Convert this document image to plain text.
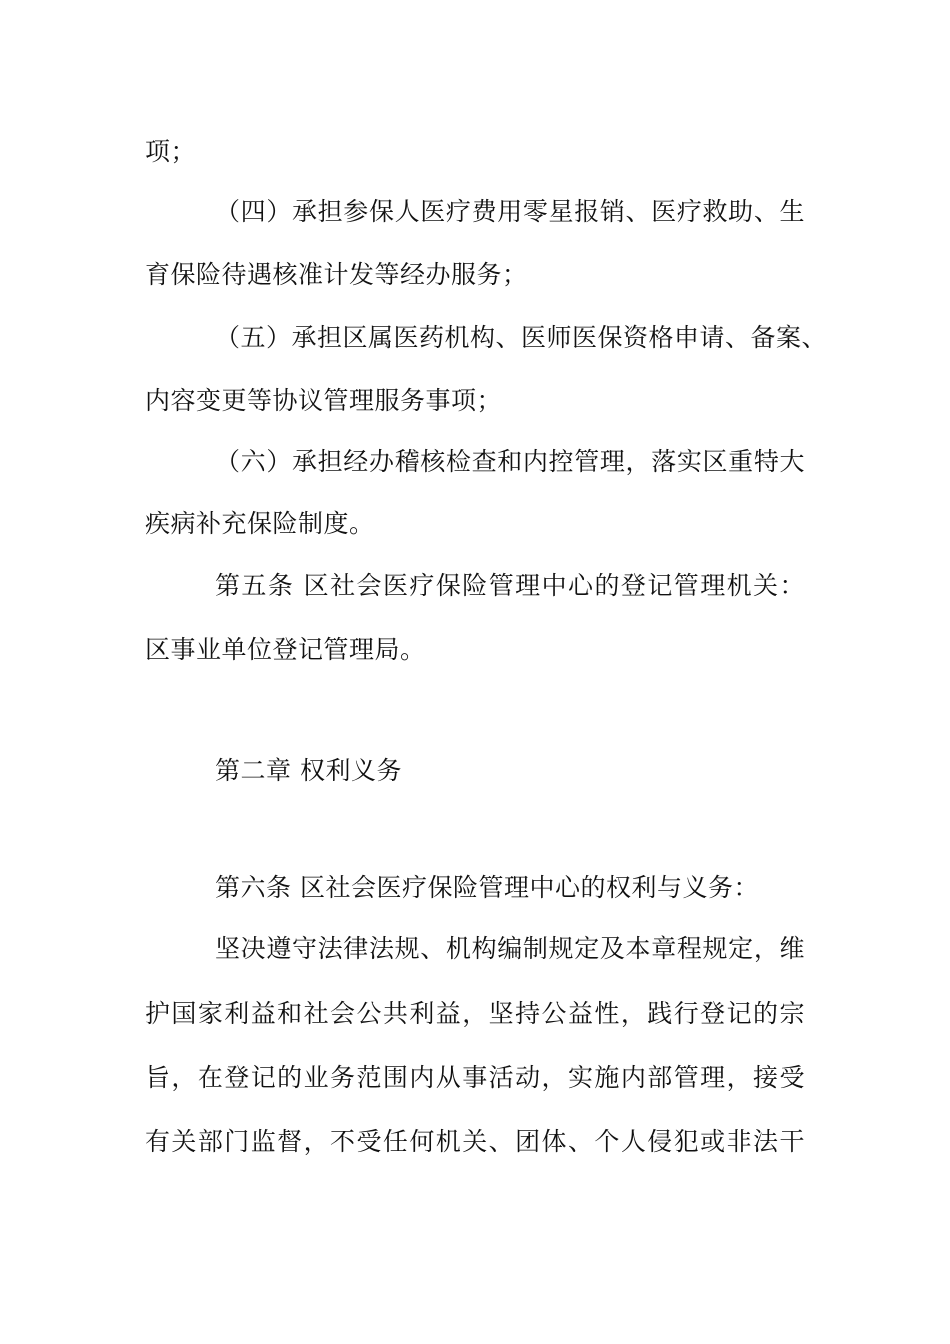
项；
（四）承担参保人医疗费用零星报销、医疗救助、生
育保险待遇核准计发等经办服务；
（五）承担区属医药机构、医师医保资格申请、备案、
内容变更等协议管理服务事项；
（六）承担经办稽核检查和内控管理，落实区重特大
疾病补充保险制度。
第五条 区社会医疗保险管理中心的登记管理机关：
区事业单位登记管理局。
第二章 权利义务
第六条 区社会医疗保险管理中心的权利与义务：
坚决遵守法律法规、机构编制规定及本章程规定，维
护国家利益和社会公共利益，坚持公益性，践行登记的宗
旨，在登记的业务范围内从事活动，实施内部管理，接受
有关部门监督，不受任何机关、团体、个人侵犯或非法干
